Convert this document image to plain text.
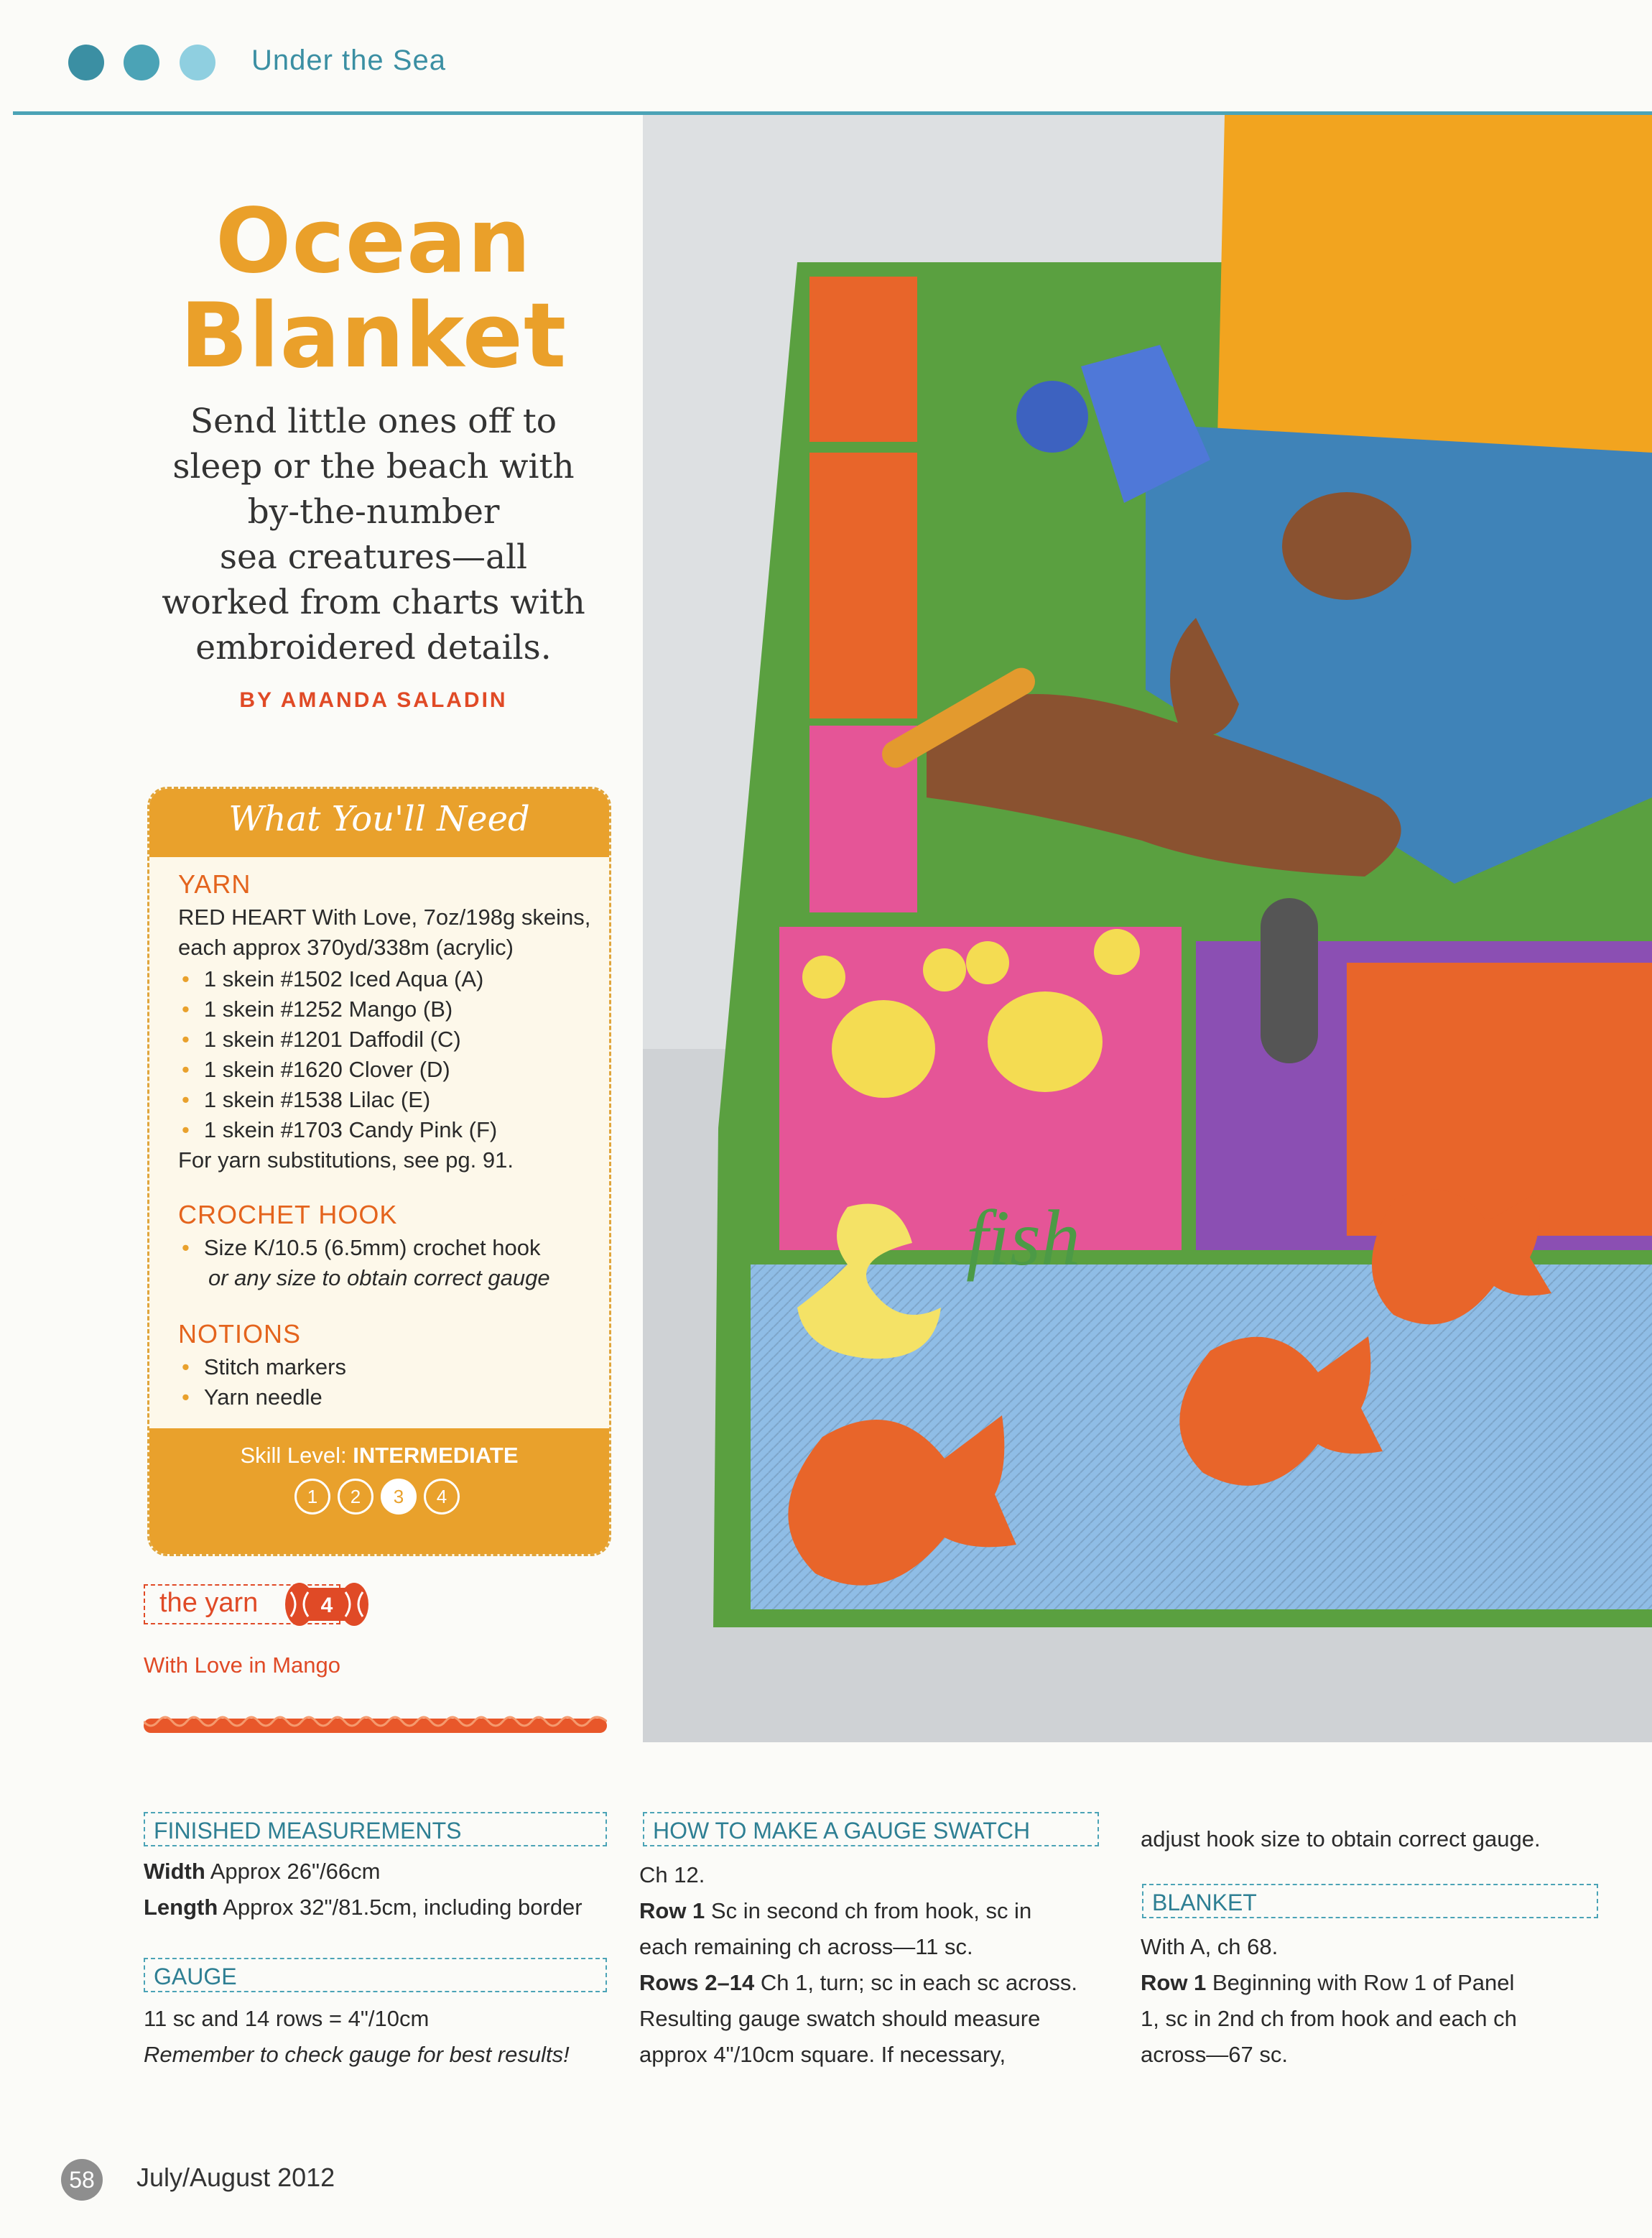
Under the Sea
Ocean
Blanket
Send little ones off to
sleep or the beach with
by-the-number
sea creatures—all
worked from charts with
embroidered details.
BY AMANDA SALADIN
What You'll Need
YARN
RED HEART With Love, 7oz/198g skeins, each approx 370yd/338m (acrylic)
• 1 skein #1502 Iced Aqua (A)
• 1 skein #1252 Mango (B)
• 1 skein #1201 Daffodil (C)
• 1 skein #1620 Clover (D)
• 1 skein #1538 Lilac (E)
• 1 skein #1703 Candy Pink (F)
For yarn substitutions, see pg. 91.
CROCHET HOOK
• Size K/10.5 (6.5mm) crochet hook
or any size to obtain correct gauge
NOTIONS
• Stitch markers
• Yarn needle
Skill Level: INTERMEDIATE
1	2	3	4
the yarn	4
With Love in Mango
fish
FINISHED MEASUREMENTS
Width Approx 26"/66cm
Length Approx 32"/81.5cm, including border
GAUGE
11 sc and 14 rows = 4"/10cm
Remember to check gauge for best results!
HOW TO MAKE A GAUGE SWATCH
Ch 12.
Row 1 Sc in second ch from hook, sc in
each remaining ch across—11 sc.
Rows 2–14 Ch 1, turn; sc in each sc across.
Resulting gauge swatch should measure
approx 4"/10cm square. If necessary,
adjust hook size to obtain correct gauge.
BLANKET
With A, ch 68.
Row 1 Beginning with Row 1 of Panel
1, sc in 2nd ch from hook and each ch
across—67 sc.
58	July/August 2012
